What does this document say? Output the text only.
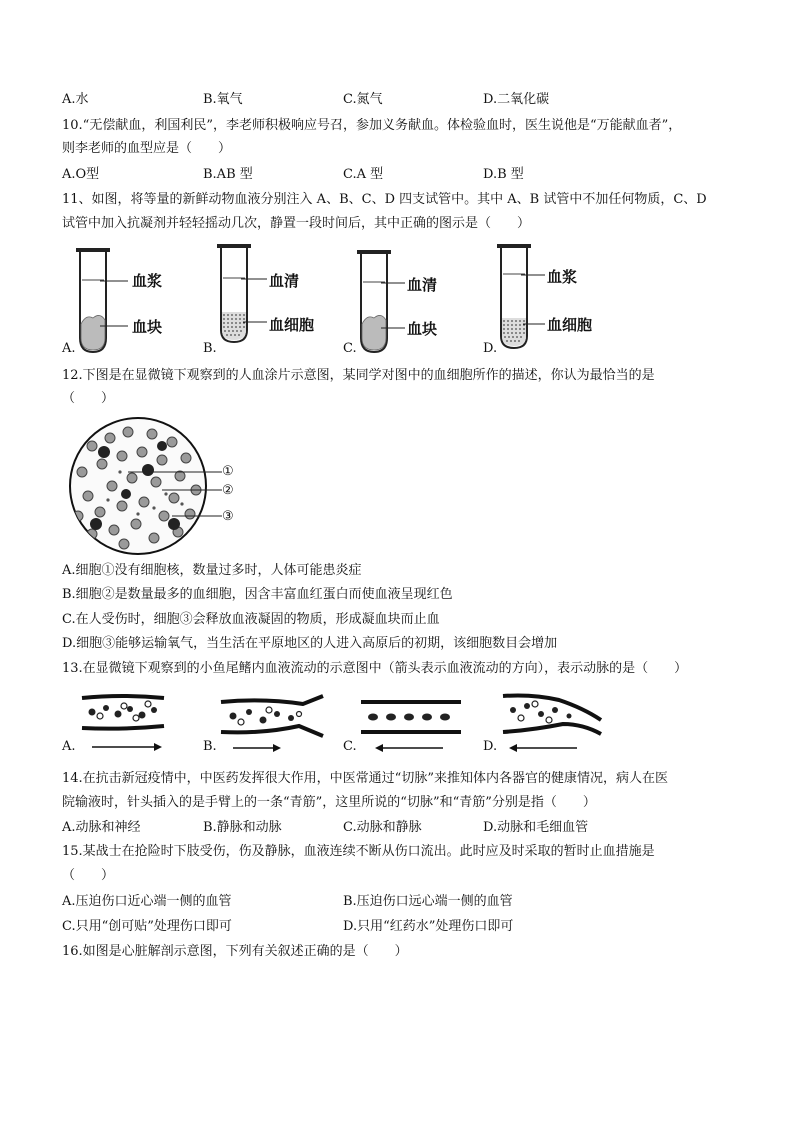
A.水	B.氧气	C.氮气	D.二氧化碳
10.“无偿献血，利国利民”，李老师积极响应号召，参加义务献血。体检验血时，医生说他是“万能献血者”，
则李老师的血型应是（　　）
A.O型	B.AB 型	C.A 型	D.B 型
11、如图，将等量的新鲜动物血液分别注入 A、B、C、D 四支试管中。其中 A、B 试管中不加任何物质，C、D
试管中加入抗凝剂并轻轻摇动几次，静置一段时间后，其中正确的图示是（　　）
血浆
血块
A.
血清
血细胞
B.
血清
血块
C.
血浆
血细胞
D.
12.下图是在显微镜下观察到的人血涂片示意图，某同学对图中的血细胞所作的描述，你认为最恰当的是
（　　）
①
②
③
A.细胞①没有细胞核，数量过多时，人体可能患炎症
B.细胞②是数量最多的血细胞，因含丰富血红蛋白而使血液呈现红色
C.在人受伤时，细胞③会释放血液凝固的物质，形成凝血块而止血
D.细胞③能够运输氧气，当生活在平原地区的人进入高原后的初期，该细胞数目会增加
13.在显微镜下观察到的小鱼尾鳍内血液流动的示意图中（箭头表示血液流动的方向），表示动脉的是（　　）
A.	B.	C.	D.
14.在抗击新冠疫情中，中医药发挥很大作用，中医常通过“切脉”来推知体内各器官的健康情况，病人在医
院输液时，针头插入的是手臂上的一条“青筋”，这里所说的“切脉”和“青筋”分别是指（　　）
A.动脉和神经	B.静脉和动脉	C.动脉和静脉	D.动脉和毛细血管
15.某战士在抢险时下肢受伤，伤及静脉，血液连续不断从伤口流出。此时应及时采取的暂时止血措施是
（　　）
A.压迫伤口近心端一侧的血管	B.压迫伤口远心端一侧的血管
C.只用“创可贴”处理伤口即可	D.只用“红药水”处理伤口即可
16.如图是心脏解剖示意图，下列有关叙述正确的是（　　）
